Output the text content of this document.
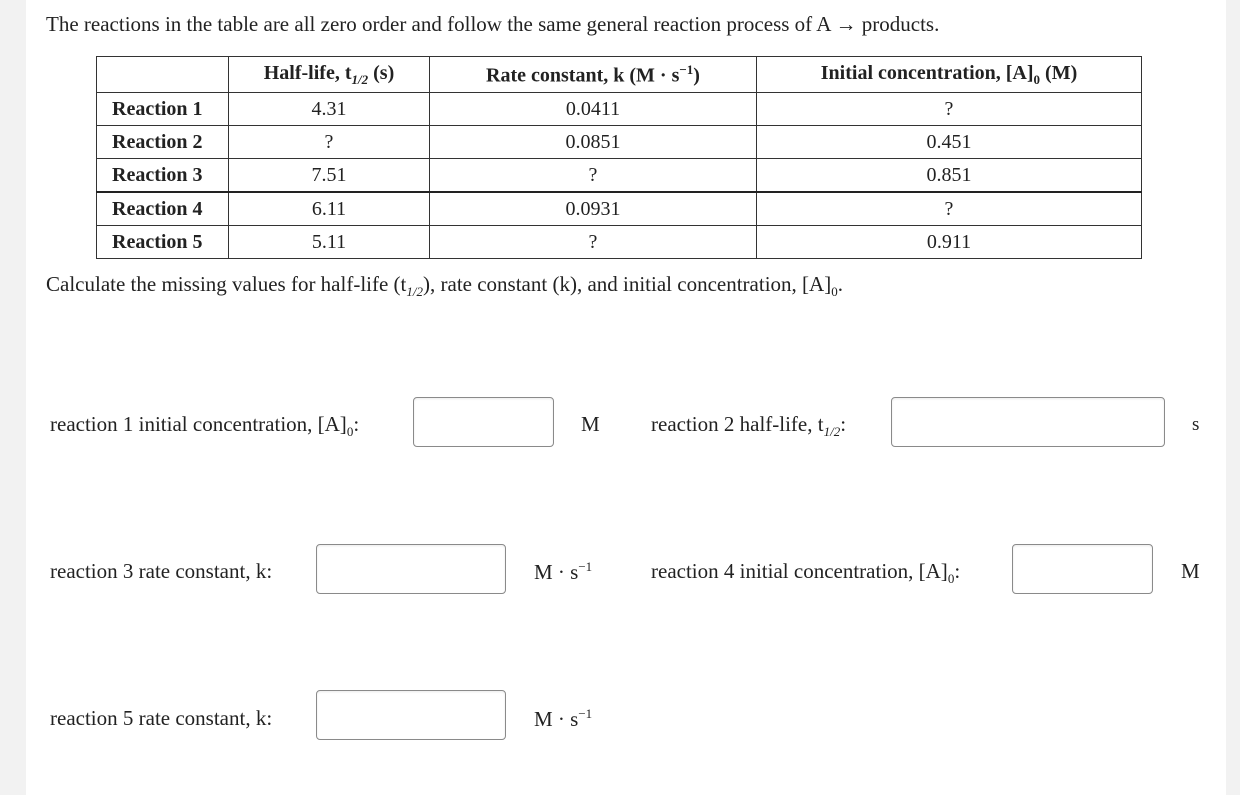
The reactions in the table are all zero order and follow the same general reaction process of A → products.
	Half-life, $t_{1/2}$ (s)	Rate constant, k $(M \cdot s^{-1})$	Initial concentration, $[A]_0$ (M)
Reaction 1	4.31	0.0411	?
Reaction 2	?	0.0851	0.451
Reaction 3	7.51	?	0.851
Reaction 4	6.11	0.0931	?
Reaction 5	5.11	?	0.911
Calculate the missing values for half-life $(t_{1/2})$, rate constant (k), and initial concentration, $[A]_0$.
reaction 1 initial concentration, $[A]_0$:	M reaction 2 half-life, $t_{1/2}$:	s
reaction 3 rate constant, k:	$M \cdot s^{-1}$	reaction 4 initial concentration, $[A]_0$:	M
reaction 5 rate constant, k:	$M \cdot s^{-1}$
